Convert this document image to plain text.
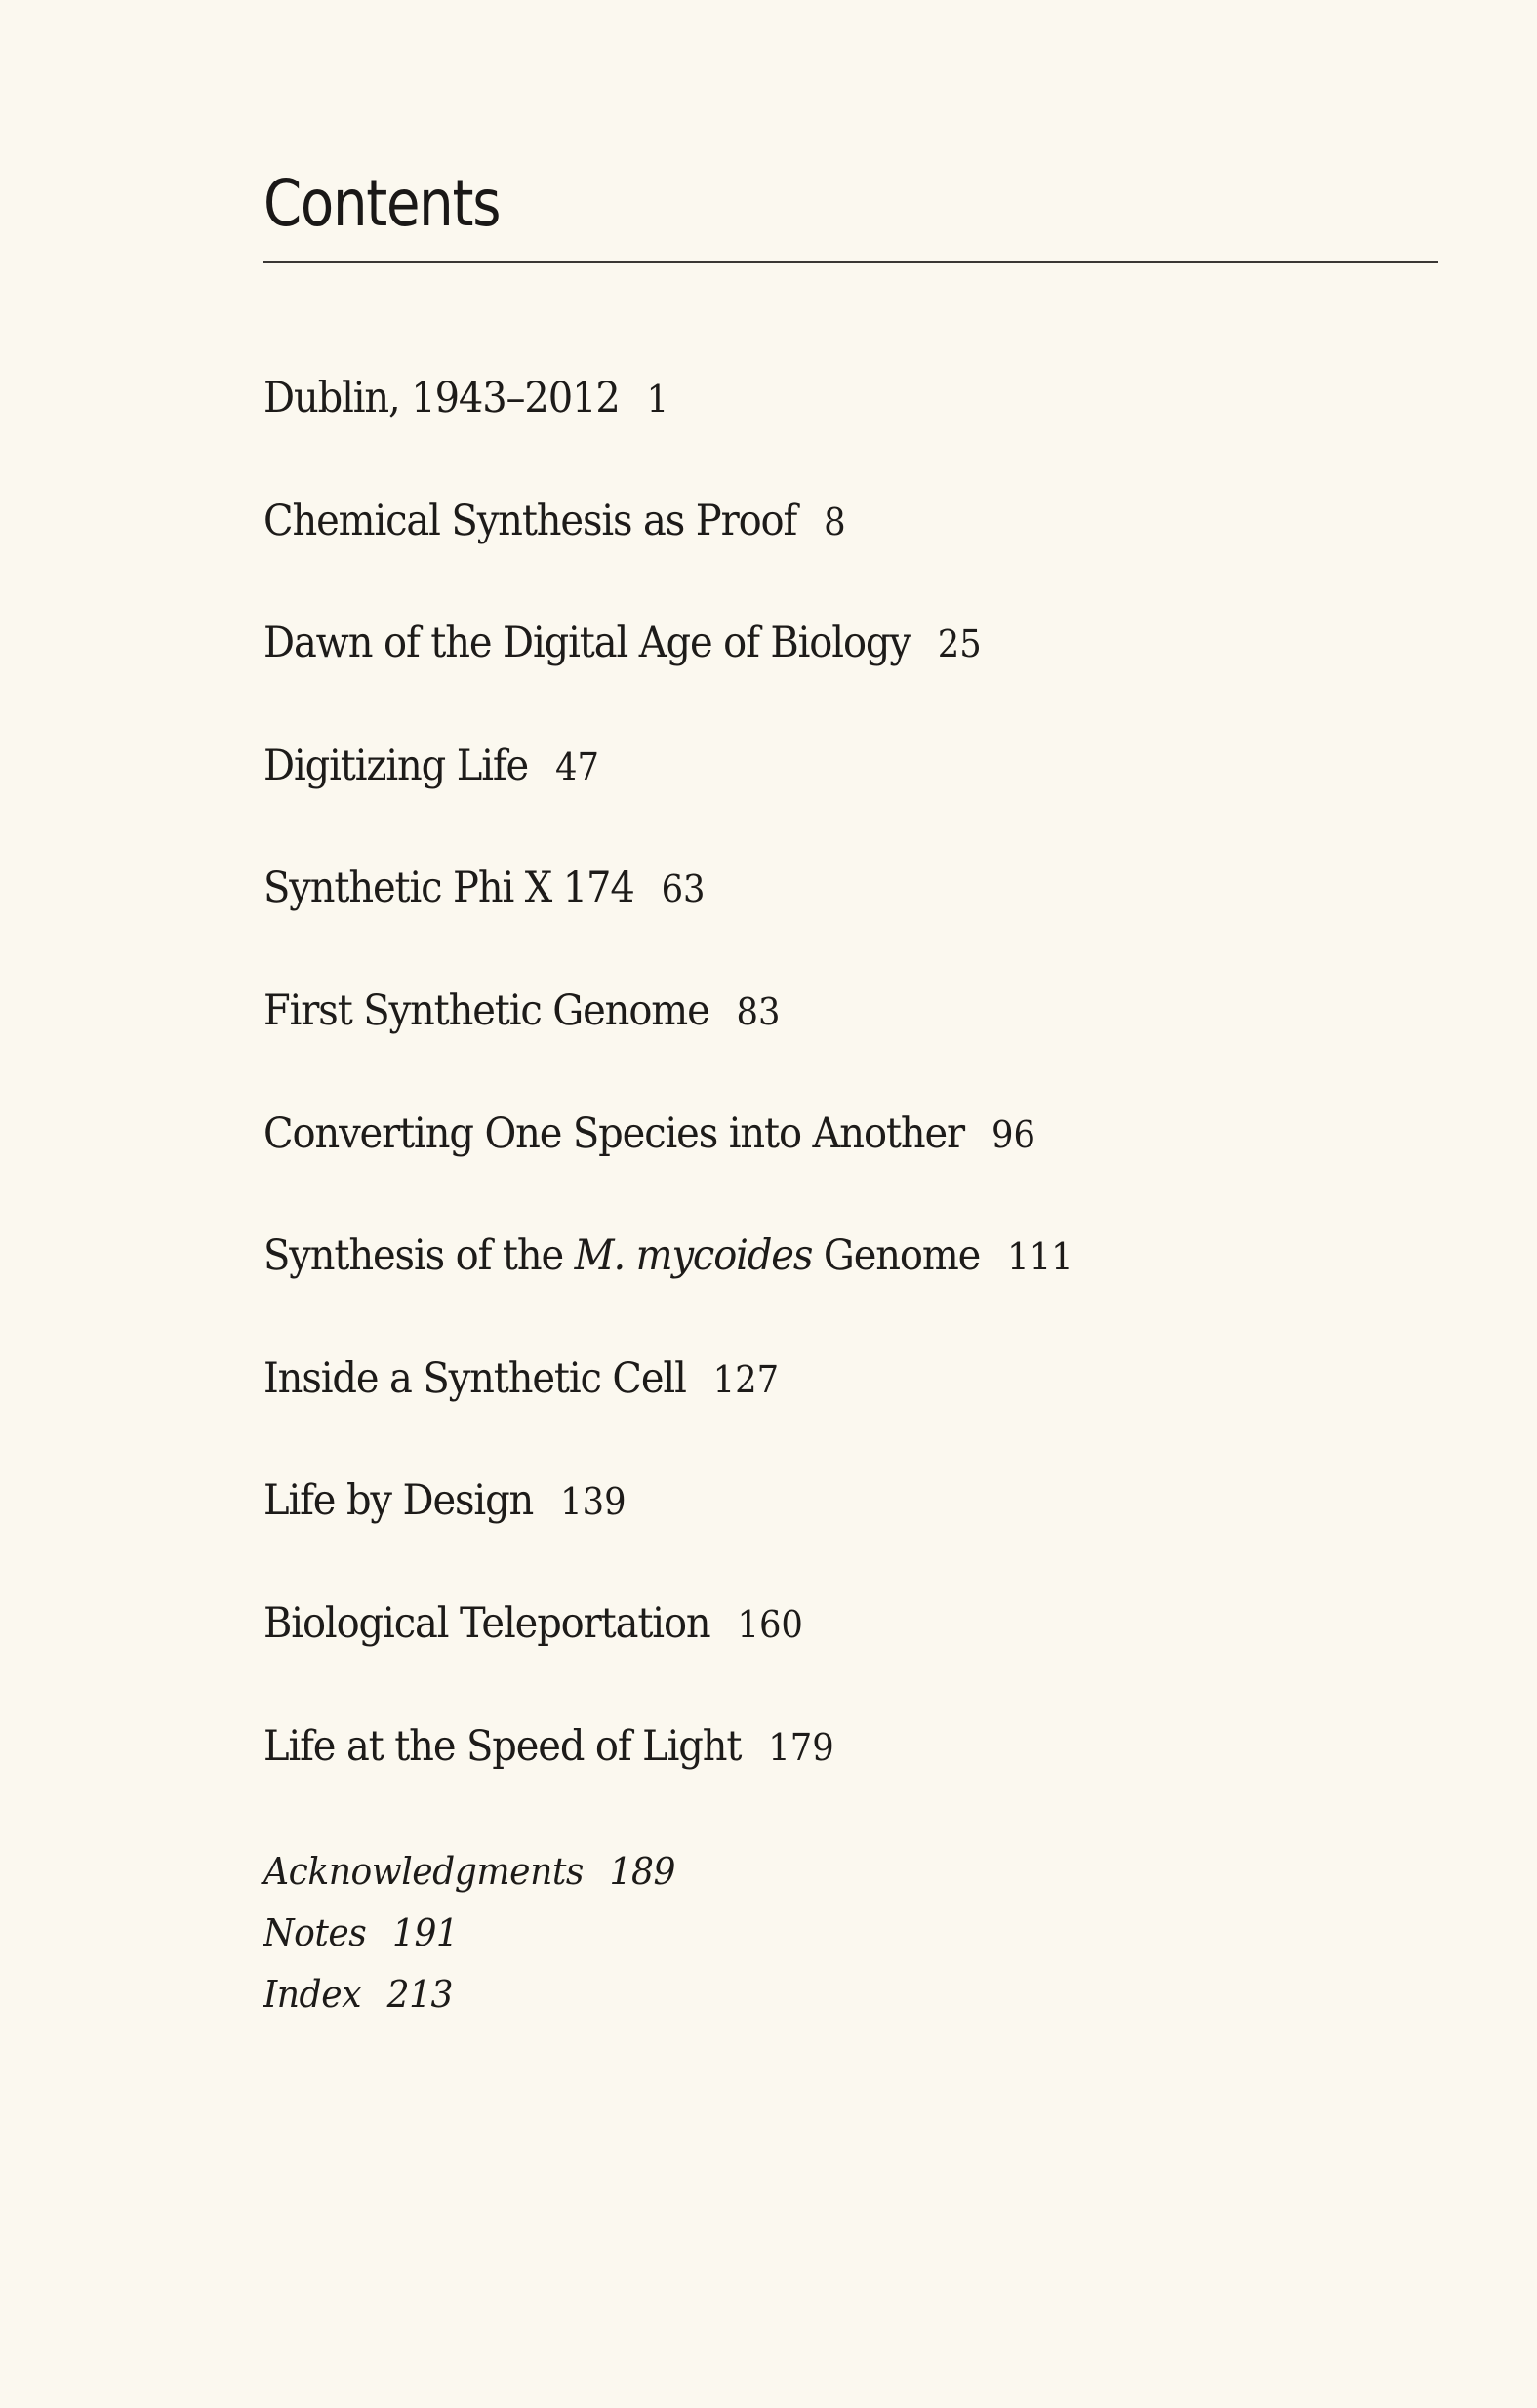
Contents
Dublin, 1943–2012 1
Chemical Synthesis as Proof 8
Dawn of the Digital Age of Biology 25
Digitizing Life 47
Synthetic Phi X 174 63
First Synthetic Genome 83
Converting One Species into Another 96
Synthesis of the M. mycoides Genome 111
Inside a Synthetic Cell 127
Life by Design 139
Biological Teleportation 160
Life at the Speed of Light 179
Acknowledgments 189
Notes 191
Index 213
